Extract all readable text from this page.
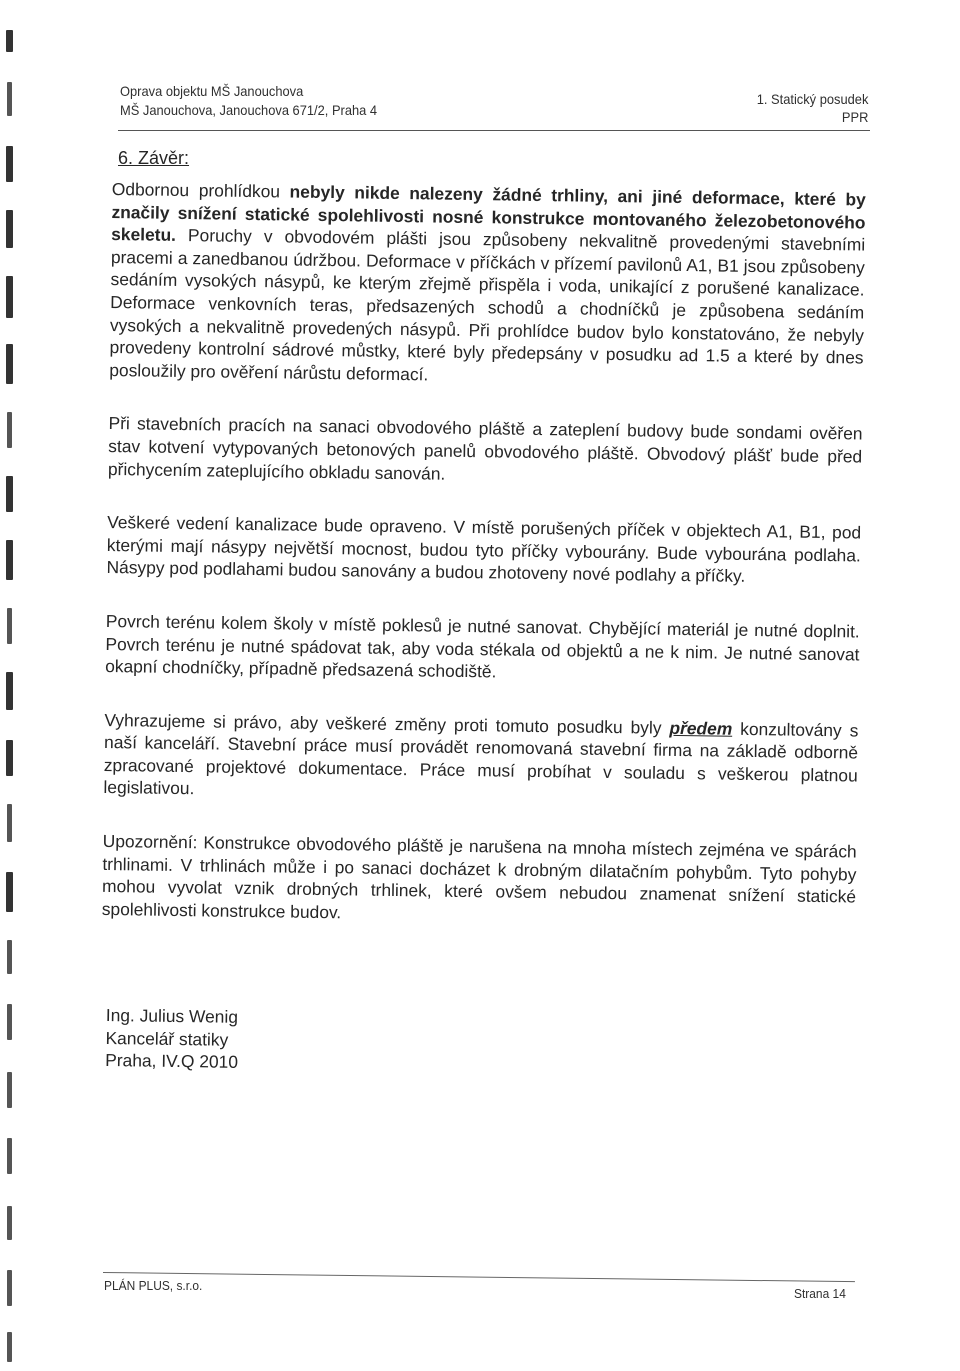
Oprava objektu MŠ Janouchova
MŠ Janouchova, Janouchova 671/2, Praha 4
1. Statický posudek
PPR
6. Závěr:

Odbornou prohlídkou nebyly nikde nalezeny žádné trhliny, ani jiné deformace, které by značily snížení statické spolehlivosti nosné konstrukce montovaného železobetonového skeletu. Poruchy v obvodovém plášti jsou způsobeny nekvalitně provedenými stavebními pracemi a zanedbanou údržbou. Deformace v příčkách v přízemí pavilonů A1, B1 jsou způsobeny sedáním vysokých násypů, ke kterým zřejmě přispěla i voda, unikající z porušené kanalizace. Deformace venkovních teras, předsazených schodů a chodníčků je způsobena sedáním vysokých a nekvalitně provedených násypů. Při prohlídce budov bylo konstatováno, že nebyly provedeny kontrolní sádrové můstky, které byly předepsány v posudku ad 1.5 a které by dnes posloužily pro ověření nárůstu deformací.

Při stavebních pracích na sanaci obvodového pláště a zateplení budovy bude sondami ověřen stav kotvení vytypovaných betonových panelů obvodového pláště. Obvodový plášť bude před přichycením zateplujícího obkladu sanován.

Veškeré vedení kanalizace bude opraveno. V místě porušených příček v objektech A1, B1, pod kterými mají násypy největší mocnost, budou tyto příčky vybourány. Bude vybourána podlaha. Násypy pod podlahami budou sanovány a budou zhotoveny nové podlahy a příčky.

Povrch terénu kolem školy v místě poklesů je nutné sanovat. Chybějící materiál je nutné doplnit. Povrch terénu je nutné spádovat tak, aby voda stékala od objektů a ne k nim. Je nutné sanovat okapní chodníčky, případně předsazená schodiště.

Vyhrazujeme si právo, aby veškeré změny proti tomuto posudku byly předem konzultovány s naší kanceláří. Stavební práce musí provádět renomovaná stavební firma na základě odborně zpracované projektové dokumentace. Práce musí probíhat v souladu s veškerou platnou legislativou.

Upozornění: Konstrukce obvodového pláště je narušena na mnoha místech zejména ve spárách trhlinami. V trhlinách může i po sanaci docházet k drobným dilatačním pohybům. Tyto pohyby mohou vyvolat vznik drobných trhlinek, které ovšem nebudou znamenat snížení statické spolehlivosti konstrukce budov.

Ing. Julius Wenig
Kancelář statiky
Praha, IV.Q 2010
PLÁN PLUS, s.r.o.
Strana 14
